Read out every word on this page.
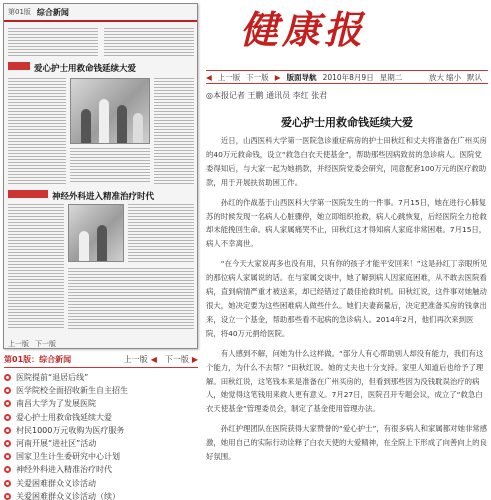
第01版 综合新闻
爱心护士用救命钱延续大爱
神经外科进入精准治疗时代
上一版 下一版
第01版：综合新闻	上一版 ◀ 下一版 ▶
医院提前“退居后线”
医学院校全面招收新生自主招生
南昌大学为了发展医院
爱心护士用救命钱延续大爱
村民1000万元收购为医疗服务
河南开展“进社区”活动
国家卫生计生委研究中心计划
神经外科进入精准治疗时代
关爱困难群众义诊活动
关爱困难群众义诊活动（续）
健康报
◀ 上一版 下一版 ▶ 版面导航 2010年8月9日 星期二	放大 缩小 默认
◎本报记者 王鹏 通讯员 李红 张君
爱心护士用救命钱延续大爱

近日，山西医科大学第一医院急诊重症病房的护士田秋红和丈夫将准备在广州买房的40万元救命钱，设立“救急白衣天使基金”，帮助那些因病致贫的急诊病人。医院党委得知后，与大家一起为她捐款，并经医院党委会研究，同意配套100万元的医疗救助款，用于开展扶贫助困工作。

孙红的作战基于山西医科大学第一医院发生的一件事。7月15日，她在进行心肺复苏的时候发现一名病人心脏骤停，她立即组织抢救，病人心跳恢复，后经医院全力抢救却未能挽回生命。病人家属痛哭不止，田秋红这才得知病人家庭非常困难。7月15日，病人不幸离世。

“在今天大家说再多也没有用，只有你的孩子才能平安回来！”这是孙红丁亲眼所见的那位病人家属说的话。在与家属交谈中，她了解到病人因家庭困难，从不敢去医院看病，直到病情严重才被送来，却已经错过了最佳抢救时机。田秋红说，这件事对她触动很大，她决定要为这些困难病人做些什么。她们夫妻商量后，决定把准备买房的钱拿出来，设立一个基金，帮助那些看不起病的急诊病人。2014年2月，他们再次来到医院，将40万元捐给医院。

有人感到不解，问她为什么这样做。“部分人有心帮助别人却没有能力，我们有这个能力，为什么不去帮？”田秋红说。她的丈夫也十分支持。家里人知道后也给予了理解。田秋红说，这笔钱本来是准备在广州买房的，但看到那些因为没钱耽误治疗的病人，她觉得这笔钱用来救人更有意义。7月27日，医院召开专题会议，成立了“救急白衣天使基金”管理委员会，制定了基金使用管理办法。

孙红护理团队在医院获得大家赞誉的“爱心护士”，有很多病人和家属都对她非常感激，她用自己的实际行动诠释了白衣天使的大爱精神，在全院上下形成了向善向上的良好氛围。
